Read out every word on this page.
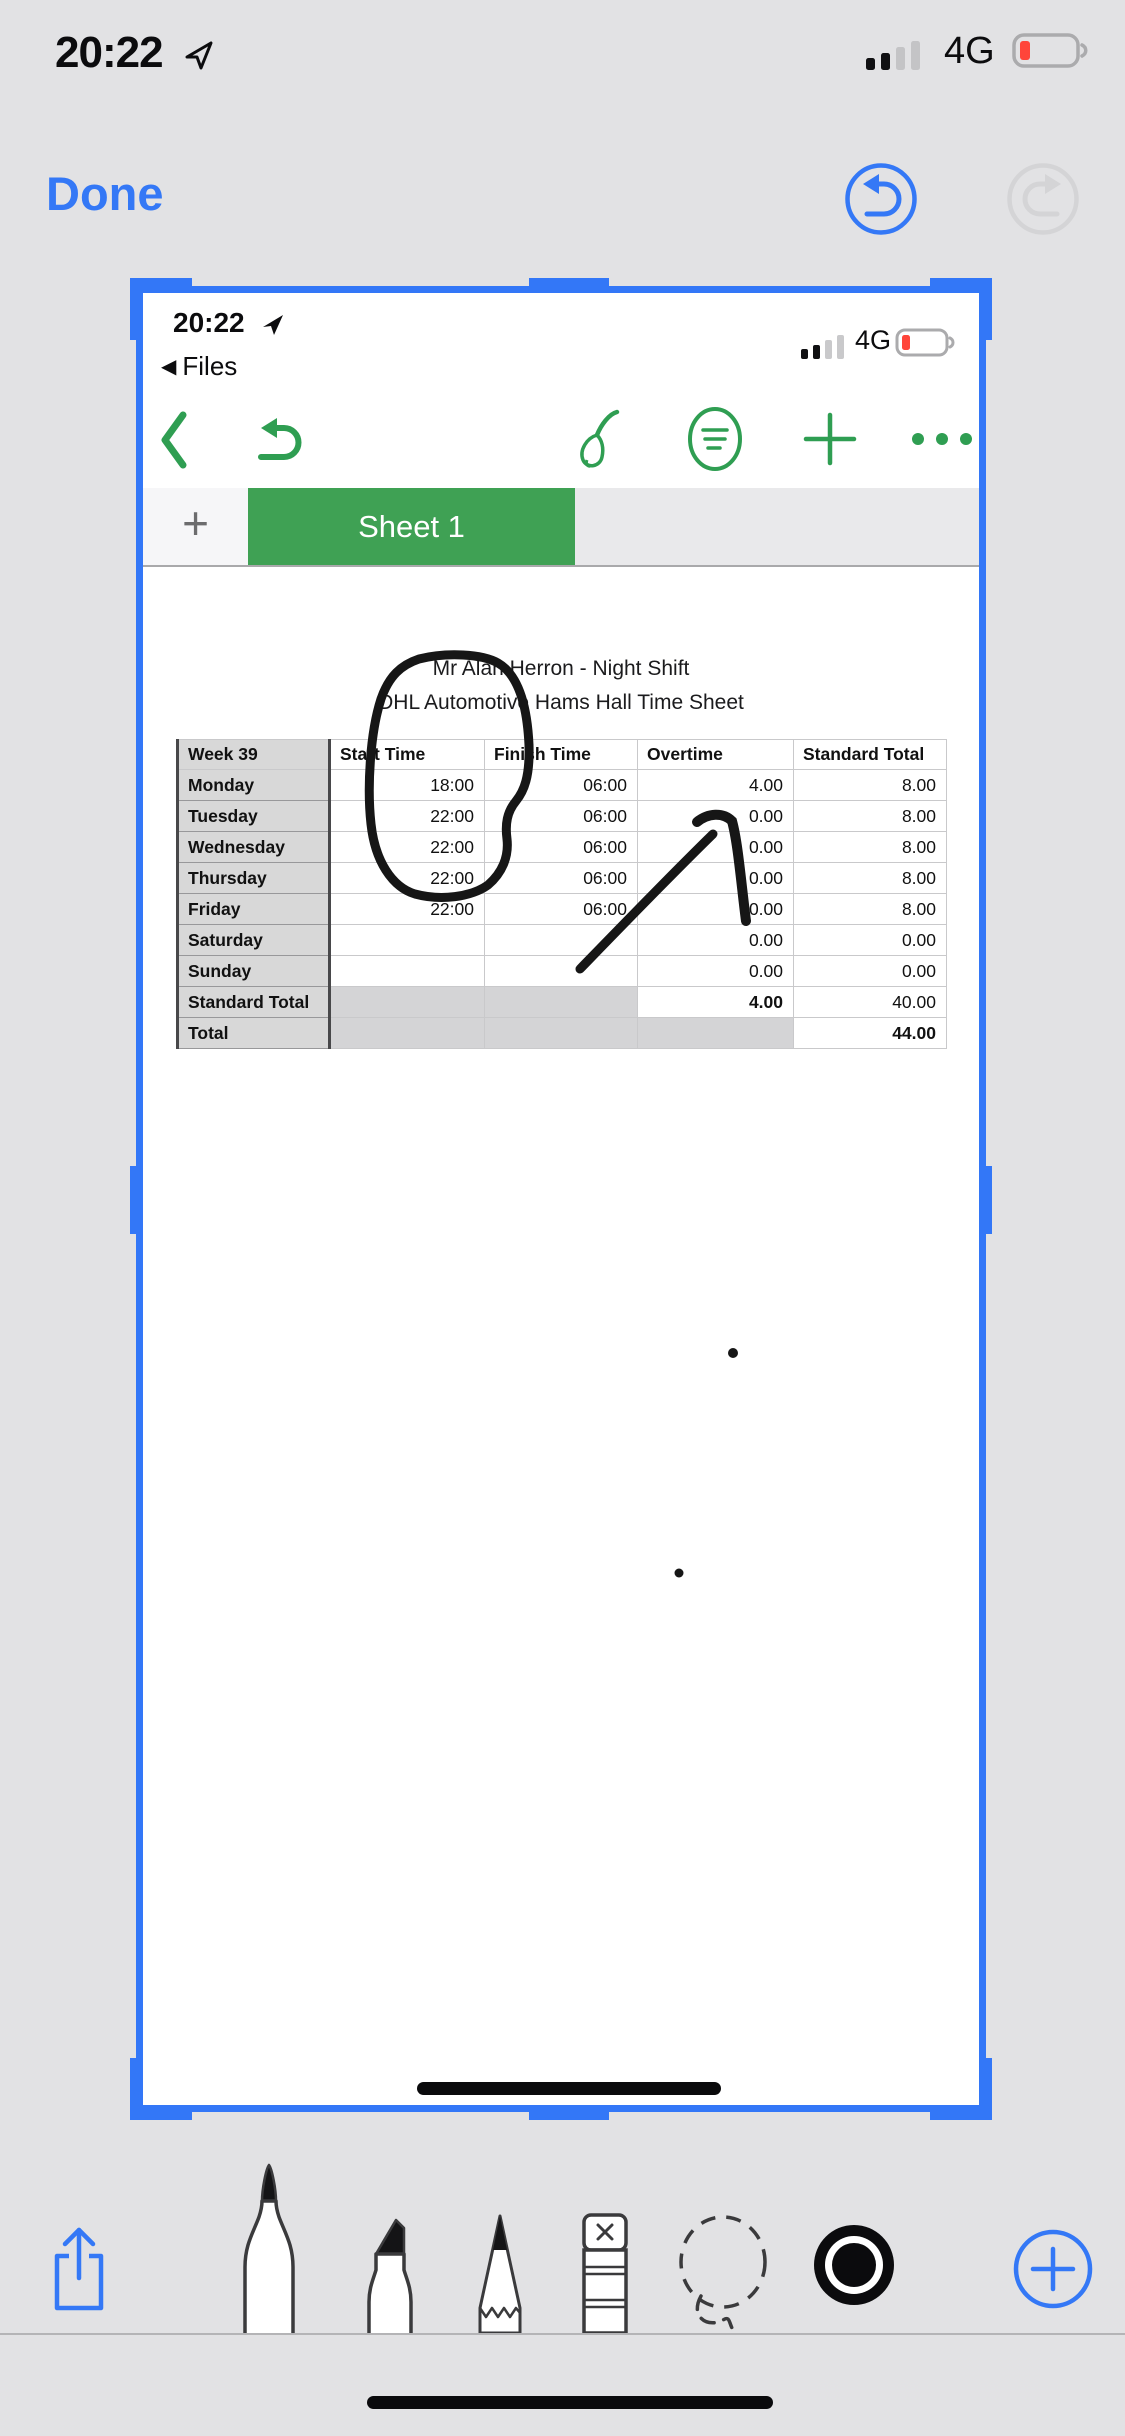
20:22	4G
Done
20:22
◀ Files
4G
+	Sheet 1
Mr Alan Herron - Night Shift
DHL Automotive Hams Hall Time Sheet
Week 39	Start Time	Finish Time	Overtime	Standard Total
Monday	18:00	06:00	4.00	8.00
Tuesday	22:00	06:00	0.00	8.00
Wednesday	22:00	06:00	0.00	8.00
Thursday	22:00	06:00	0.00	8.00
Friday	22:00	06:00	0.00	8.00
Saturday			0.00	0.00
Sunday			0.00	0.00
Standard Total			4.00	40.00
Total				44.00
